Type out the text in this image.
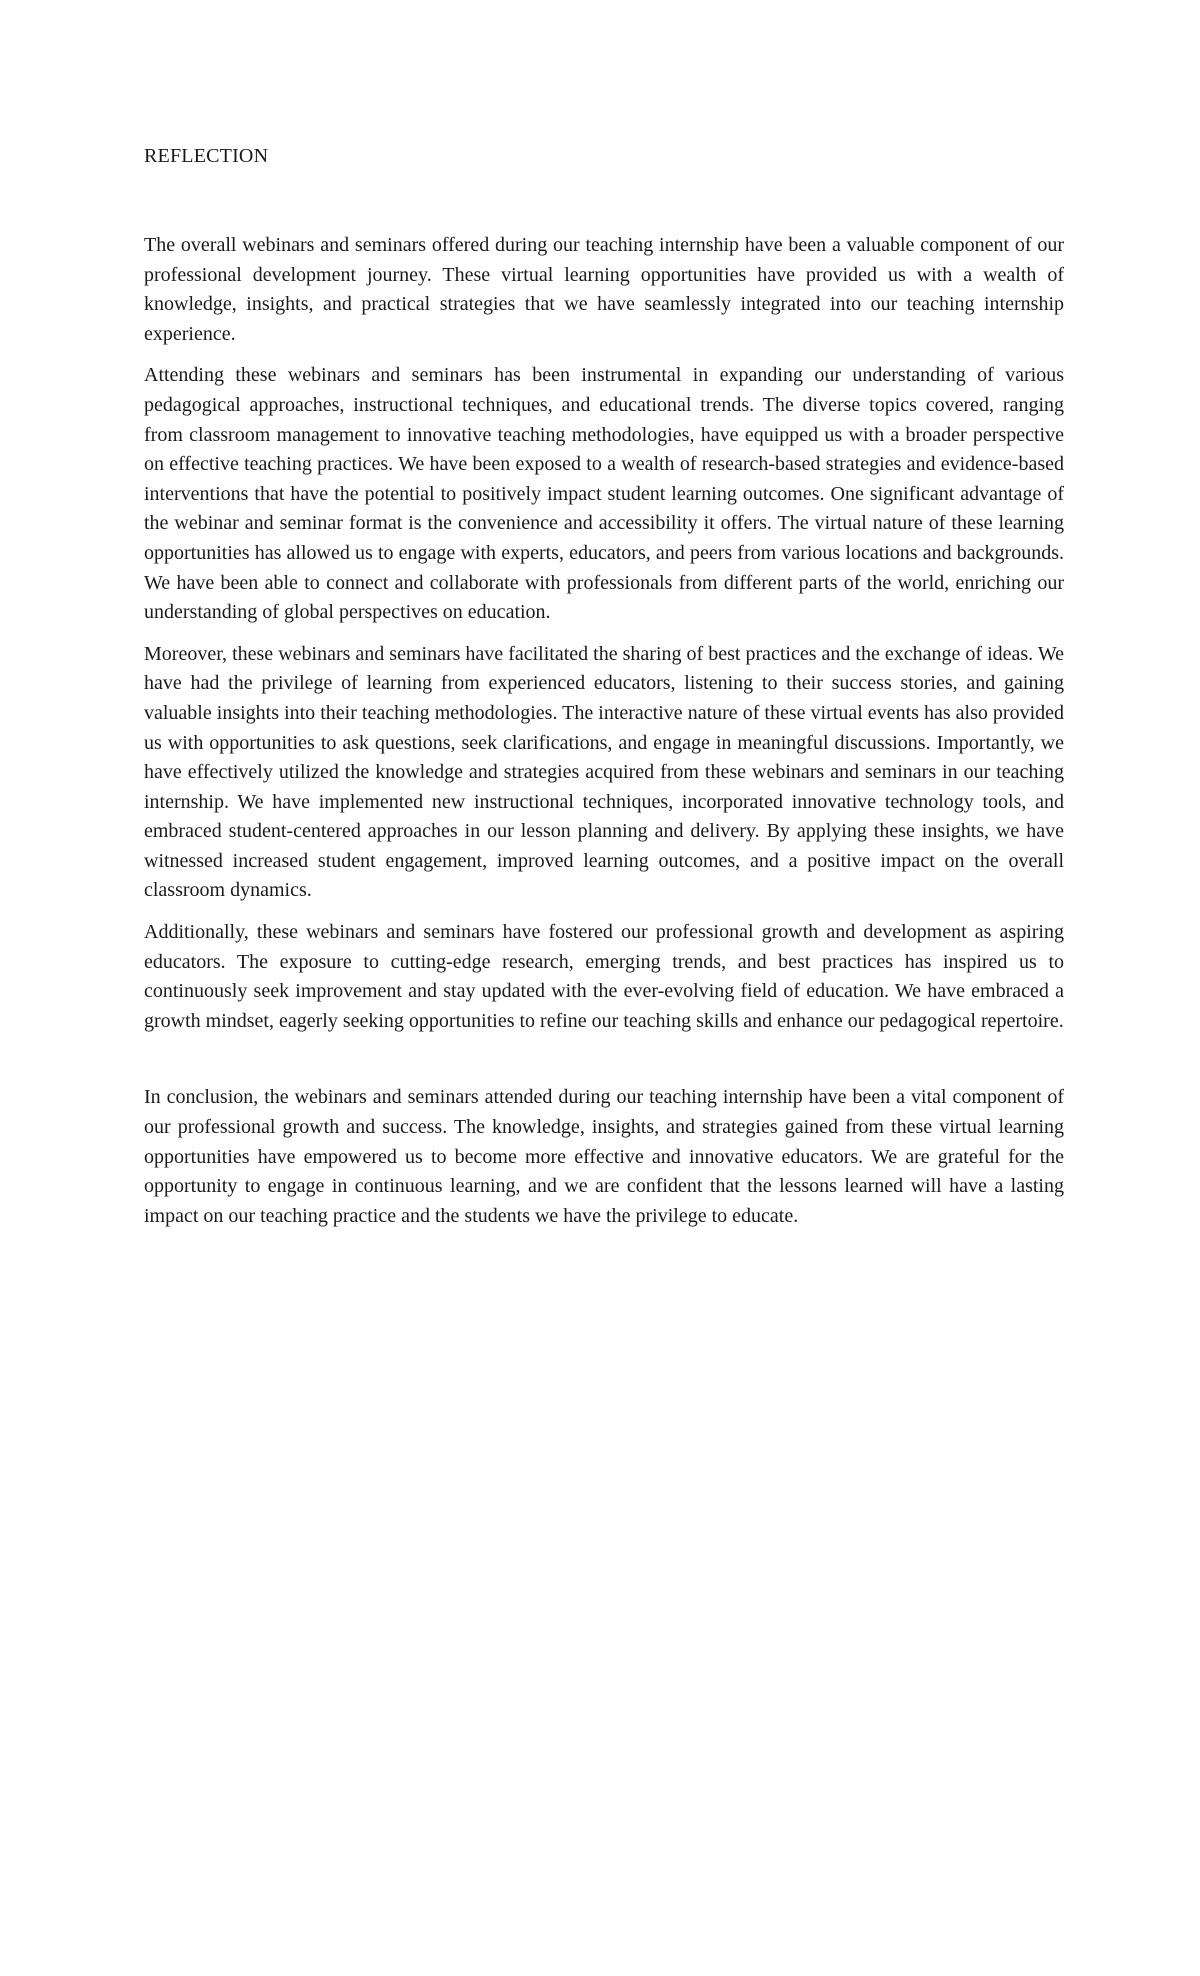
REFLECTION

The overall webinars and seminars offered during our teaching internship have been a valuable component of our professional development journey. These virtual learning opportunities have provided us with a wealth of knowledge, insights, and practical strategies that we have seamlessly integrated into our teaching internship experience.

Attending these webinars and seminars has been instrumental in expanding our understanding of various pedagogical approaches, instructional techniques, and educational trends. The diverse topics covered, ranging from classroom management to innovative teaching methodologies, have equipped us with a broader perspective on effective teaching practices. We have been exposed to a wealth of research-based strategies and evidence-based interventions that have the potential to positively impact student learning outcomes. One significant advantage of the webinar and seminar format is the convenience and accessibility it offers. The virtual nature of these learning opportunities has allowed us to engage with experts, educators, and peers from various locations and backgrounds. We have been able to connect and collaborate with professionals from different parts of the world, enriching our understanding of global perspectives on education.

Moreover, these webinars and seminars have facilitated the sharing of best practices and the exchange of ideas. We have had the privilege of learning from experienced educators, listening to their success stories, and gaining valuable insights into their teaching methodologies. The interactive nature of these virtual events has also provided us with opportunities to ask questions, seek clarifications, and engage in meaningful discussions. Importantly, we have effectively utilized the knowledge and strategies acquired from these webinars and seminars in our teaching internship. We have implemented new instructional techniques, incorporated innovative technology tools, and embraced student-centered approaches in our lesson planning and delivery. By applying these insights, we have witnessed increased student engagement, improved learning outcomes, and a positive impact on the overall classroom dynamics.

Additionally, these webinars and seminars have fostered our professional growth and development as aspiring educators. The exposure to cutting-edge research, emerging trends, and best practices has inspired us to continuously seek improvement and stay updated with the ever-evolving field of education. We have embraced a growth mindset, eagerly seeking opportunities to refine our teaching skills and enhance our pedagogical repertoire.

In conclusion, the webinars and seminars attended during our teaching internship have been a vital component of our professional growth and success. The knowledge, insights, and strategies gained from these virtual learning opportunities have empowered us to become more effective and innovative educators. We are grateful for the opportunity to engage in continuous learning, and we are confident that the lessons learned will have a lasting impact on our teaching practice and the students we have the privilege to educate.
